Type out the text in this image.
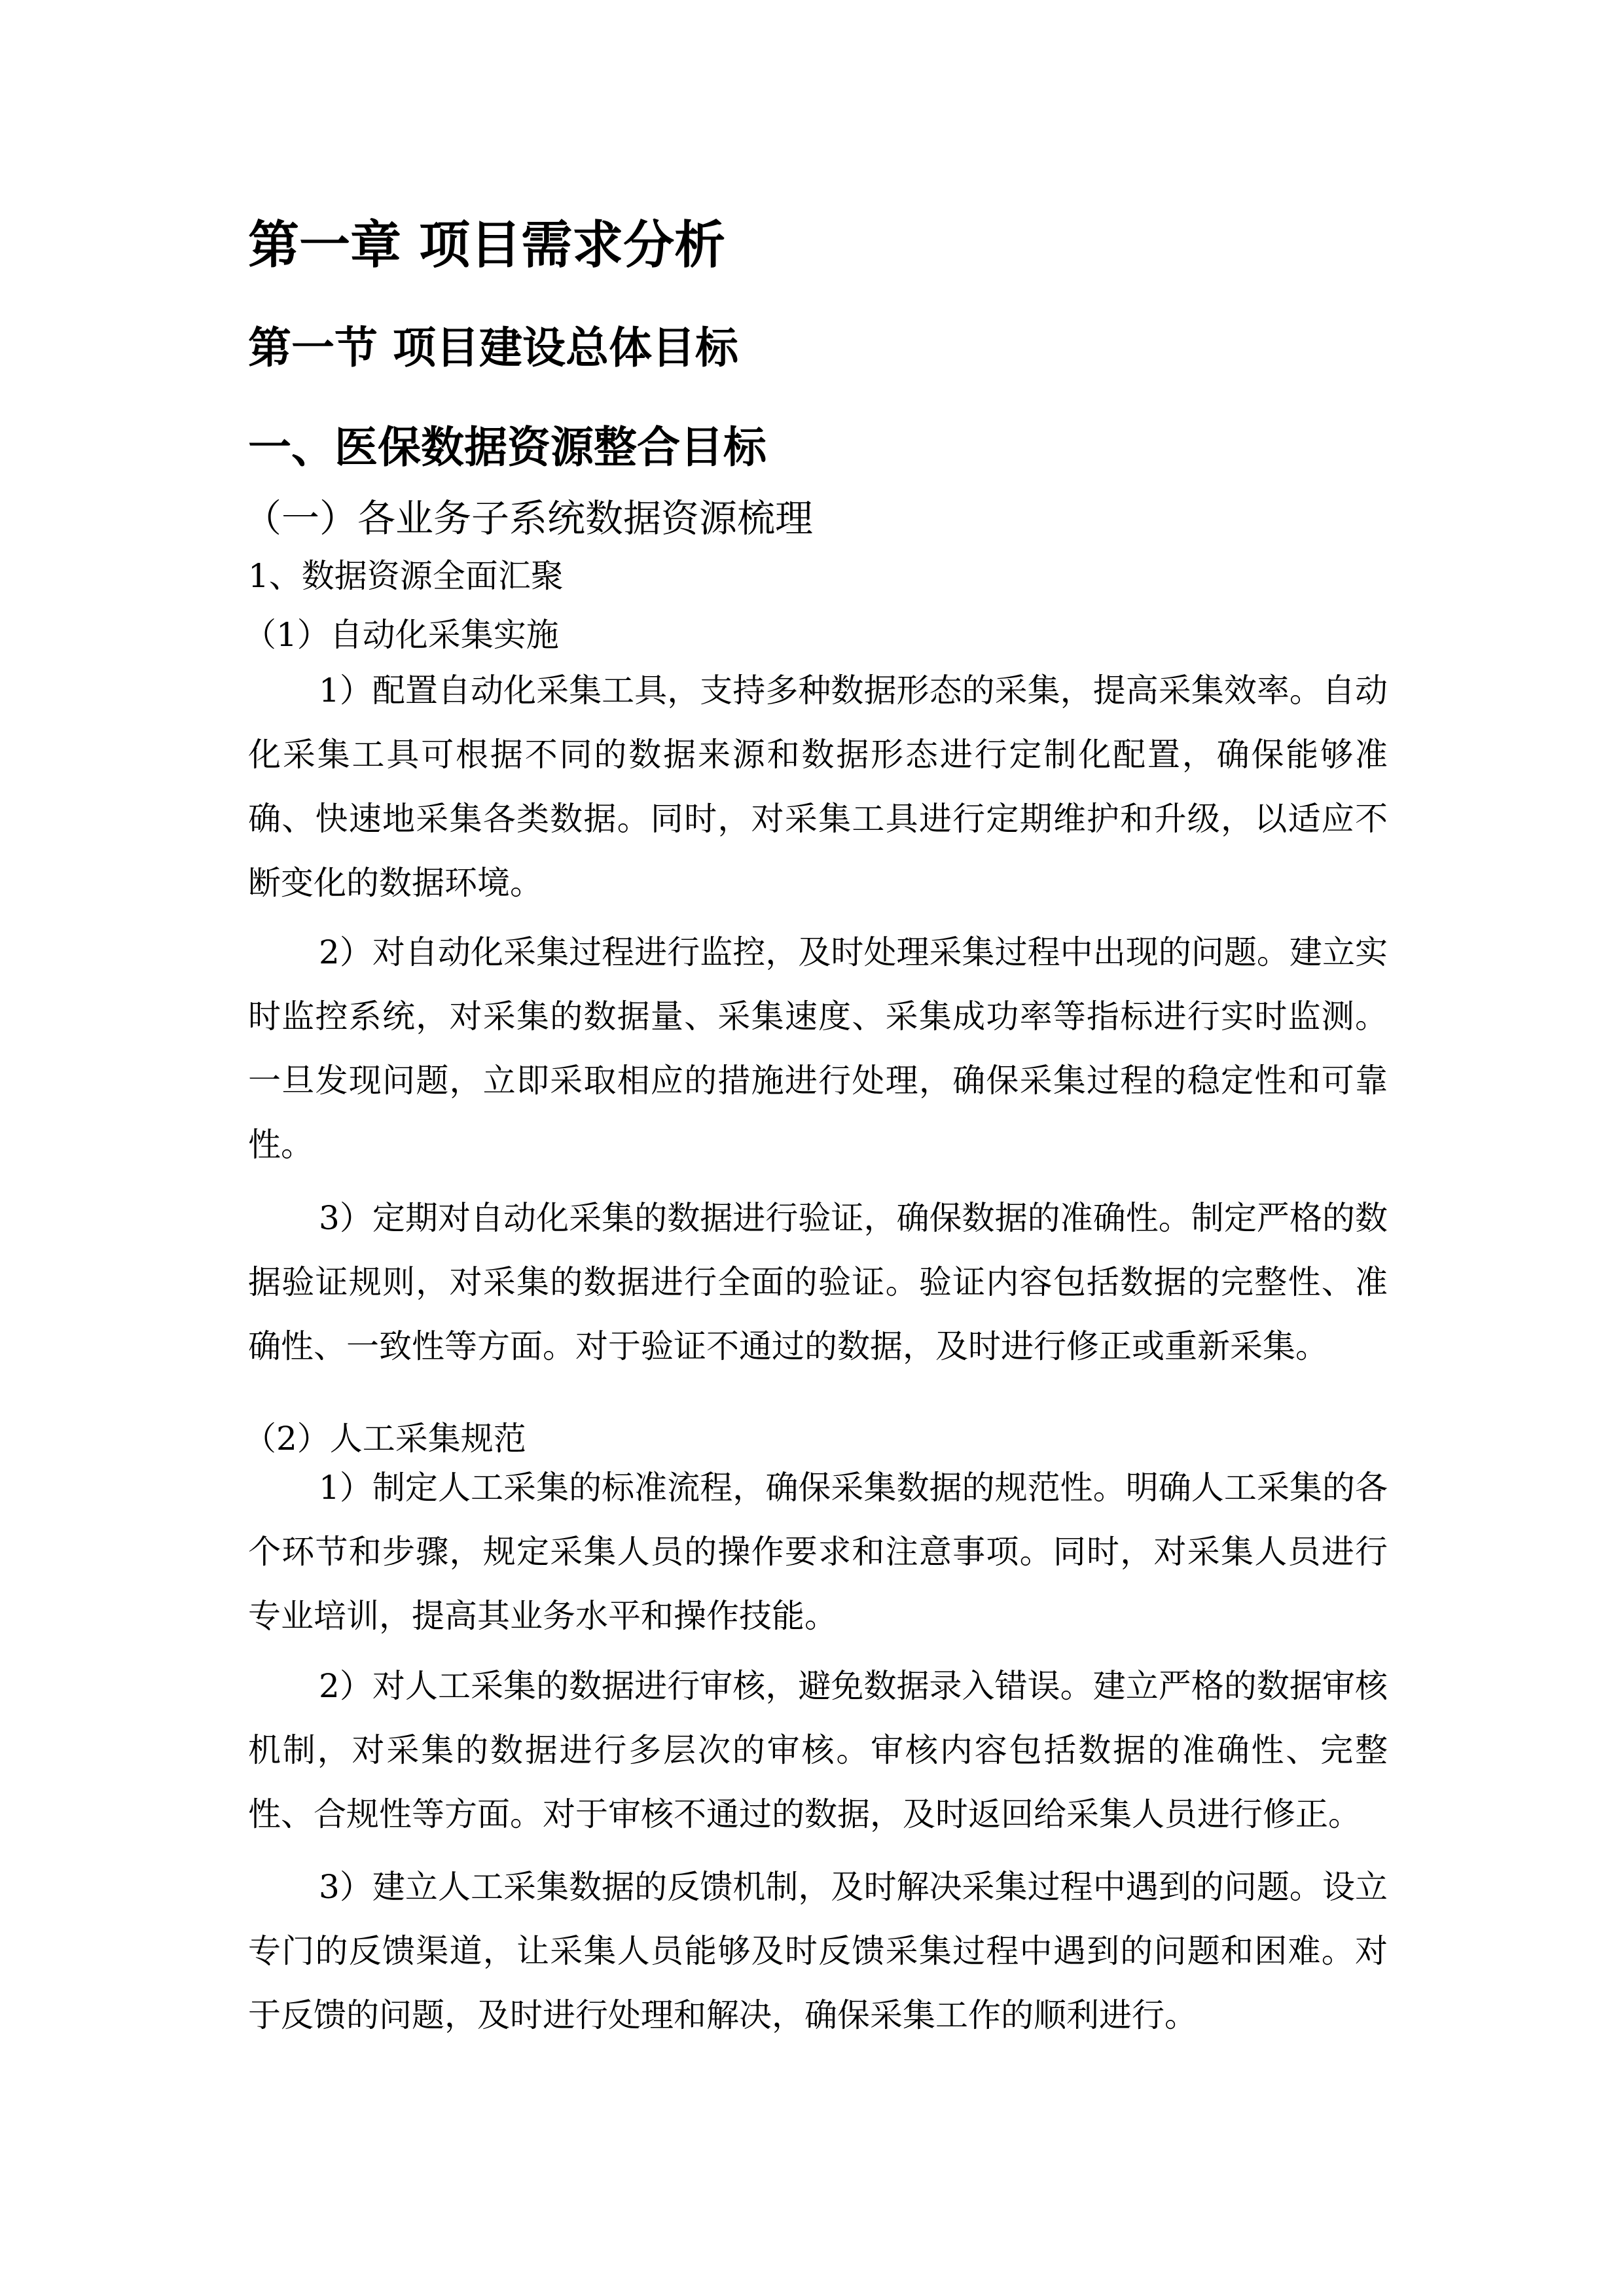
第一章 项目需求分析
第一节 项目建设总体目标
一、医保数据资源整合目标
（一）各业务子系统数据资源梳理
1、数据资源全面汇聚
（1）自动化采集实施
1）配置自动化采集工具，支持多种数据形态的采集，提高采集效率。自动
化采集工具可根据不同的数据来源和数据形态进行定制化配置，确保能够准
确、快速地采集各类数据。同时，对采集工具进行定期维护和升级，以适应不
断变化的数据环境。
2）对自动化采集过程进行监控，及时处理采集过程中出现的问题。建立实
时监控系统，对采集的数据量、采集速度、采集成功率等指标进行实时监测。
一旦发现问题，立即采取相应的措施进行处理，确保采集过程的稳定性和可靠
性。
3）定期对自动化采集的数据进行验证，确保数据的准确性。制定严格的数
据验证规则，对采集的数据进行全面的验证。验证内容包括数据的完整性、准
确性、一致性等方面。对于验证不通过的数据，及时进行修正或重新采集。
（2）人工采集规范
1）制定人工采集的标准流程，确保采集数据的规范性。明确人工采集的各
个环节和步骤，规定采集人员的操作要求和注意事项。同时，对采集人员进行
专业培训，提高其业务水平和操作技能。
2）对人工采集的数据进行审核，避免数据录入错误。建立严格的数据审核
机制，对采集的数据进行多层次的审核。审核内容包括数据的准确性、完整
性、合规性等方面。对于审核不通过的数据，及时返回给采集人员进行修正。
3）建立人工采集数据的反馈机制，及时解决采集过程中遇到的问题。设立
专门的反馈渠道，让采集人员能够及时反馈采集过程中遇到的问题和困难。对
于反馈的问题，及时进行处理和解决，确保采集工作的顺利进行。
